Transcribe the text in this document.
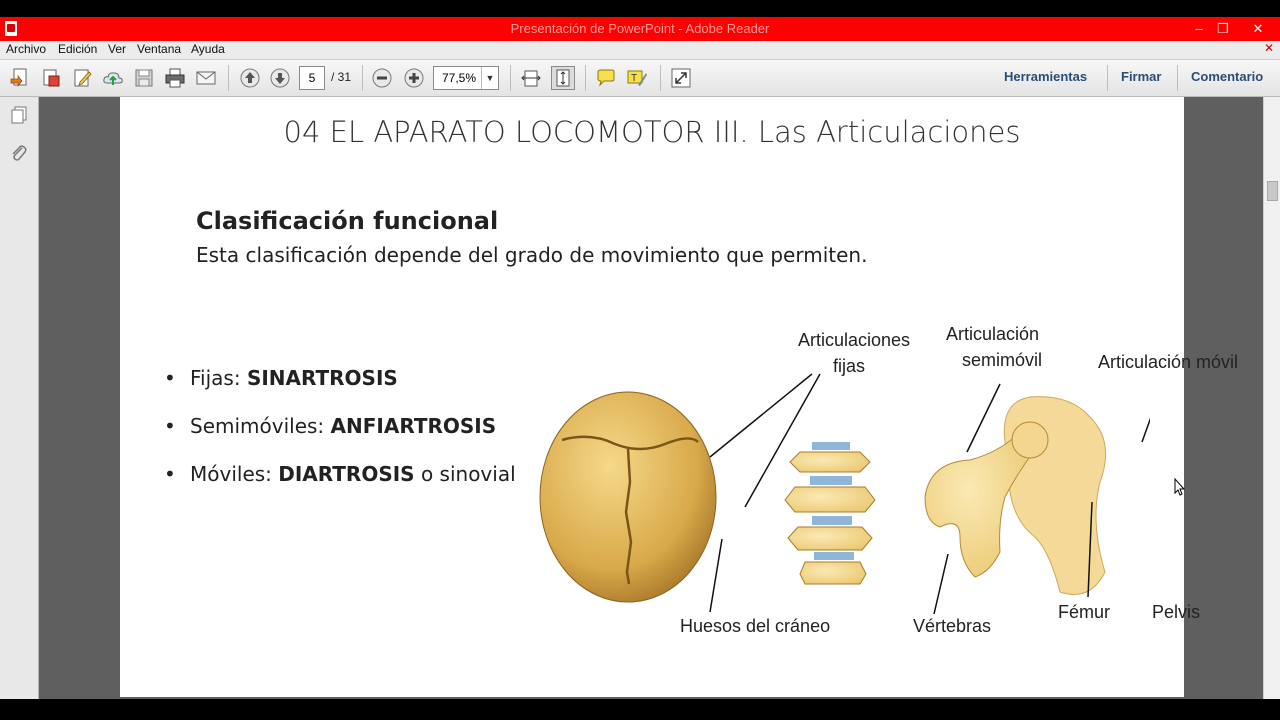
Presentación de PowerPoint - Adobe Reader	–	❐	✕
Archivo Edición Ver Ventana Ayuda	✕
5	/ 31	77,5%	▼	T	Herramientas	Firmar Comentario
04 EL APARATO LOCOMOTOR III. Las Articulaciones
Clasificación funcional
Esta clasificación depende del grado de movimiento que permiten.
• Fijas: SINARTROSIS
• Semimóviles: ANFIARTROSIS
• Móviles: DIARTROSIS o sinovial
Articulaciones
fijas
Articulación
semimóvil	Articulación móvil
Huesos del cráneo	Vértebras
Fémur Pelvis
